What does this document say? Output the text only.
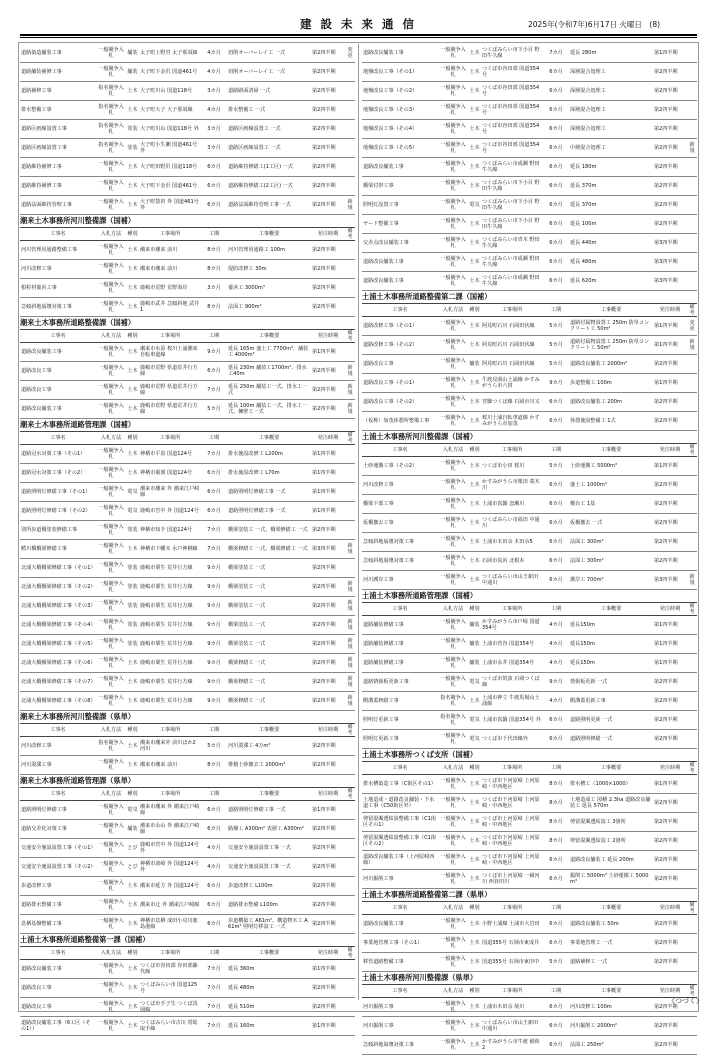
建設未来通信	2025年(令和7年)6月17日 火曜日　 (8)
道路築造舗装工事	一般競争入札	舗装	太子町上野宮 太子那須線	4カ月	切削オーバーレイ工 一式	第2四半期	変更
道路舗装補修工事	一般競争入札	舗装	大子町下金沢 国道461号	4カ月	切削オーバーレイ工 一式	第2四半期	
道路補修工事	指名競争入札	土木	大子町川山 国道118号	3カ月	道路路面清掃 一式	第2四半期	
排水整備工事	指名競争入札	土木	大子町大子 大子那須線	4カ月	排水整備工 一式	第2四半期	
道路区画線設置工事	指名競争入札	塗装	大子町川山 国道118号 外	3カ月	道路区画線設置工 一式	第2四半期	
道路区画線設置工事	指名競争入札	塗装	大子町小生瀬 国道461号 外	3カ月	道路区画線設置工 一式	第2四半期	
道路維持補修工事	一般競争入札	土木	大子町田野沢 国道118号	6カ月	道路維持修繕工(1工区) 一式	第2四半期	
道路維持補修工事	一般競争入札	土木	大子町下金沢 国道461号	6カ月	道路維持修繕工(2工区) 一式	第2四半期	
道路法面維持管理工事	一般競争入札	土木	大子町袋田 外 国道461号 外	6カ月	道路法面維持管理工事 一式	第2四半期	新規
潮来土木事務所河川整備課（国補）
工事名	入札方法	種別	工事場所	工期	工事概要	発注時期	備考
河川管理用通路整備工事	一般競争入札	土木	潮来市潮来 前川	8カ月	河川管理用通路工 100m	第2四半期	
河川改修工事	一般競争入札	土木	潮来市潮来 前川	8カ月	堤防改修工 30m	第2四半期	
根粒材養浜工事	一般競争入札	土木	鹿嶋市荒野 荒野海岸	3カ月	養浜工 3000m³	第2四半期	
急傾斜地崩壊対策工事	一般競争入札	土木	鹿嶋市武井 急傾斜地 武井1	8カ月	法面工 900m²	第2四半期	
潮来土木事務所道路整備課（国補）
工事名	入札方法	種別	工事場所	工期	工事概要	発注時期	備考
道路改良舗装工事	一般競争入札	土木	潮来市水原 桜川土浦潮来自転車道線	9カ月	延長 165m 盛土工 7700m³、舗装工 4000m²	第1四半期	
道路改良工事	一般競争入札	土木	鹿嶋市荒野 県道荒井行方線	6カ月	延長 230m 舗装工1700m²、排水工40m	第2四半期	新規
道路改良工事	一般競争入札	土木	鹿嶋市荒野 県道荒井行方線	7カ月	延長 250m 舗装工一式、排水工一式	第2四半期	新規
道路改良舗装工事	一般競争入札	土木	鹿嶋市荒野 県道荒井行方線	5カ月	延長 100m 舗装工一式、排水工一式、擁壁工一式	第2四半期	新規
潮来土木事務所道路管理課（国補）
工事名	入札方法	種別	工事場所	工期	工事概要	発注時期	備考
道路冠水対策工事（その1）	一般競争入札	土木	神栖市平泉 国道124号	7カ月	排水施設改修工 L200m	第1四半期	
道路冠水対策工事（その2）	一般競争入札	土木	神栖市堀割 国道124号	6カ月	排水施設改修工 L70m	第1四半期	
道路照明灯修繕工事（その1）	一般競争入札	電気	潮来市潮来 外 潮来江戸崎線	6カ月	道路照明灯修繕工事 一式	第1四半期	
道路照明灯修繕工事（その2）	一般競争入札	電気	鹿嶋市宮中 外 国道124号	6カ月	道路照明灯修繕工事 一式	第1四半期	
別所歩道橋塗装修繕工事	一般競争入札	塗装	神栖市知手 国道124号	7カ月	橋梁塗装工 一式、橋梁修繕工 一式	第2四半期	
鰐川橋橋梁修繕工事	一般競争入札	土木	神栖市下幡木 水戸神栖線	7カ月	橋梁修繕工 一式、橋梁修繕工 一式	第3四半期	新規
北浦大橋橋梁修繕工事（その1）	一般競争入札	塗装	鹿嶋市粟生 荒井行方線	9カ月	橋梁塗装工 一式	第2四半期	
北浦大橋橋梁修繕工事（その2）	一般競争入札	塗装	鹿嶋市粟生 荒井行方線	9カ月	橋梁塗装工 一式	第2四半期	新規
北浦大橋橋梁修繕工事（その3）	一般競争入札	塗装	鹿嶋市粟生 荒井行方線	9カ月	橋梁塗装工 一式	第2四半期	新規
北浦大橋橋梁修繕工事（その4）	一般競争入札	塗装	鹿嶋市粟生 荒井行方線	9カ月	橋梁塗装工 一式	第2四半期	新規
北浦大橋橋梁修繕工事（その5）	一般競争入札	塗装	鹿嶋市粟生 荒井行方線	9カ月	橋梁塗装工 一式	第2四半期	新規
北浦大橋橋梁修繕工事（その6）	一般競争入札	土木	鹿嶋市粟生 荒井行方線	9カ月	橋梁修繕工 一式	第2四半期	新規
北浦大橋橋梁修繕工事（その7）	一般競争入札	土木	鹿嶋市粟生 荒井行方線	9カ月	橋梁修繕工 一式	第2四半期	新規
北浦大橋橋梁修繕工事（その8）	一般競争入札	土木	鹿嶋市粟生 荒井行方線	9カ月	橋梁修繕工 一式	第2四半期	新規
潮来土木事務所河川整備課（県単）
工事名	入札方法	種別	工事場所	工期	工事概要	発注時期	備考
河川改修工事	指名競争入札	土木	潮来市潮来外 前川ほか2河川	5カ月	河川浚渫工 4万m³	第2四半期	
河川浚渫工事	一般競争入札	土木	潮来市潮来 前川	8カ月	堆積土砂撤去工 2000m³	第2四半期	
潮来土木事務所道路管理課（県単）
工事名	入札方法	種別	工事場所	工期	工事概要	発注時期	備考
道路照明灯修繕工事	一般競争入札	電気	潮来市潮来 外 潮来江戸崎線	6カ月	道路照明灯修繕工事 一式	第1四半期	
道路交差化対策工事	一般競争入札	舗装	潮来市永山 外 潮来江戸崎線	6カ月	路盤工 A300m² 表層工 A300m²	第2四半期	
交通安全施設設置工事（その1）	一般競争入札	とび	鹿嶋市宮中 外 国道124号 外	4カ月	交通安全施設設置工事 一式	第2四半期	
交通安全施設設置工事（その2）	一般競争入札	とび	神栖市波崎 外 国道124号 外	4カ月	交通安全施設設置工事 一式	第2四半期	
歩道改修工事	一般競争入札	土木	潮来市延方 外 国道124号	6カ月	歩道改修工 L100m	第2四半期	
道路排水整備工事	一般競争入札	土木	潮来市辻 外 潮来江戸崎線	6カ月	道路排水整備 L100m	第2四半期	
息栖基盤整備工事	一般競争入札	土木	神栖市息栖 成田小見川鹿島港線	6カ月	歩道構築工 A61m²、構造物木工 A61m² 照明灯移設工 一式	第2四半期	
土浦土木事務所道路整備第一課（国補）
工事名	入札方法	種別	工事場所	工期	工事概要	発注時期	備考
道路改良舗装工事	一般競争入札	土木	つくば市谷田部 谷田部藤代線	7カ月	延長 360m	第1四半期	
道路改良工事	一般競争入札	土木	つくばみらい市 国道125号	7カ月	延長 480m	第2四半期	
道路改良工事	一般競争入札	土木	つくば市手子生 つくば真岡線	7カ月	延長 510m	第2四半期	
道路改良舗装工事（6工区（その1））	一般競争入札	土木	つくばみらい市古川 常総取手線	7カ月	延長 160m	第1四半期	
道路改良舗装工事	一般競争入札	土木	つくばみらい市下小目 野田牛久線	7カ月	延長 280m	第1四半期	
地盤改良工事（その1）	一般競争入札	土木	つくば市谷田部 国道354号	6カ月	深層混合処理工	第2四半期	
地盤改良工事（その2）	一般競争入札	土木	つくば市谷田部 国道354号	6カ月	深層混合処理工	第2四半期	
地盤改良工事（その3）	一般競争入札	土木	つくば市谷田部 国道354号	6カ月	深層混合処理工	第2四半期	
地盤改良工事（その4）	一般競争入札	土木	つくば市谷田部 国道354号	6カ月	深層混合処理工	第2四半期	
地盤改良工事（その5）	一般競争入札	土木	つくば市谷田部 国道354号	6カ月	中層混合処理工	第2四半期	新規
道路改良舗装工事	一般競争入札	土木	つくばみらい市成瀬 野田牛久線	6カ月	延長 180m	第2四半期	
橋梁付帯工事	一般競争入札	土木	つくばみらい市下小目 野田牛久線	6カ月	延長 370m	第2四半期	
照明灯設置工事	一般競争入札	電気	つくばみらい市下小目 野田牛久線	6カ月	延長 370m	第2四半期	
ヤード整備工事	一般競争入札	土木	つくばみらい市下小目 野田牛久線	6カ月	延長 100m	第2四半期	
交差点改良舗装工事	一般競争入札	土木	つくばみらい市青木 野田牛久線	6カ月	延長 440m	第3四半期	
道路改良舗装工事	一般競争入札	土木	つくばみらい市成瀬 野田牛久線	6カ月	延長 480m	第3四半期	
道路改良舗装工事	一般競争入札	土木	つくばみらい市成瀬 野田牛久線	6カ月	延長 620m	第3四半期	
土浦土木事務所道路整備第二課（国補）
工事名	入札方法	種別	工事場所	工期	工事概要	発注時期	備考
道路改修工事（その1）	一般競争入札	土木	阿見町石川 石岡田伏線	5カ月	道路付属物設置工 250m 防草コンクリート工 50m²	第1四半期	変更
道路改修工事（その2）	一般競争入札	土木	阿見町石川 石岡田伏線	5カ月	道路付属物設置工 250m 防草コンクリート工 50m²	第1四半期	新規
道路改良工事	一般競争入札	舗装	阿見町石川 石岡田伏線	5カ月	道路改良舗装工 2000m²	第2四半期	
道路改良工事（その1）	一般競争入札	土木	牛渡見湯山土浦線 かすみがうら市六貫	9カ月	歩道整備工 100m	第1四半期	
道路改良工事（その2）	一般競争入札	土木	宮脚つくば線 石岡市川又	6カ月	道路改良舗装工 200m	第2四半期	
（仮称）加茂休憩所整備工事	一般競争入札	土木	桜川土浦自転車道線 かすみがうら市加茂	6カ月	休憩施設整備工 1式	第2四半期	
土浦土木事務所河川整備課（国補）
工事名	入札方法	種別	工事場所	工期	工事概要	発注時期	備考
土砂運搬工事（その2）	一般競争入札	土木	つくば市小田 桜川	5カ月	土砂運搬工 5000m³	第1四半期	
河川改修工事	一般競争入札	土木	かすみがうら市栗田 菱木川	6カ月	盛土工 1000m³	第2四半期	
橋梁下部工事	一般競争入札	土木	土浦市真鍋 恋瀬川	6カ月	橋台工 1基	第2四半期	
仮橋撤去工事	一般競争入札	土木	つくばみらい市福田 中通川	6カ月	仮橋撤去 一式	第2四半期	
急傾斜地崩壊対策工事	一般競争入札	土木	土浦市木田余 木田余5	6カ月	法面工 300m²	第2四半期	
急傾斜地崩壊対策工事	一般競争入札	土木	石岡市真浜 北根本	6カ月	法面工 300m²	第2四半期	
河川護岸工事	一般競争入札	土木	つくばみらい市山王新田 中通川	6カ月	護岸工 700m²	第3四半期	新規
土浦土木事務所道路管理課（国補）
工事名	入札方法	種別	工事場所	工期	工事概要	発注時期	備考
道路舗装修繕工事	一般競争入札	舗装	かすみがうら市戸崎 国道354号	4カ月	延長150m	第1四半期	
道路舗装修繕工事	一般競争入札	舗装	土浦市菅谷 国道354号	4カ月	延長150m	第1四半期	
道路舗装修繕工事	一般競争入札	舗装	土浦市永井 国道354号	4カ月	延長150m	第1四半期	
道路情報板更新工事	一般競争入札	電気	つくば市筑波 石岡つくば線	9カ月	情報板更新 一式	第2四半期	
側溝蓋修繕工事	指名競争入札	土木	土浦市神立 牛渡馬場山土浦線	4カ月	側溝蓋更新工事	第2四半期	
照明灯更新工事	指名競争入札	電気	土浦市真鍋 国道354号 外	6カ月	道路照明更新 一式	第2四半期	
照明灯更新工事	一般競争入札	電気	つくば市千代田線外	6カ月	道路照明修繕 一式	第2四半期	
土浦土木事務所つくば支所（国補）
工事名	入札方法	種別	工事場所	工期	工事概要	発注時期	備考
排水槽築造工事（C街区その1）	一般競争入札	土木	つくば市下河原崎 上河原崎・中西地区	8カ月	排水槽工（1000×1000）	第1四半期	
土地造成・道路改良舗装・下水道工事（C50街区外）	一般競争入札	土木	つくば市下河原崎 上河原崎・中西地区	8カ月	土地造成工 図積 2.3ha 道路改良舗装工 延長 570m	第2四半期	
剪留混濁透結設整備工事（C1街区その1）	一般競争入札	土木	つくば市上河原崎 上河原崎・中西地区	8カ月	剪留混濁透結設工 3箇所	第2四半期	
剪留混濁透結設整備工事（C1街区その2）	一般競争入札	土木	つくば市下河原崎 上河原崎・中西地区	8カ月	剪留混濁透結設工 2箇所	第2四半期	
道路改良舗装工事（上河原崎西線）	一般競争入札	土木	つくば市下河原崎 上河原崎・中西地区	6カ月	道路改良舗装工 延長 200m	第2四半期	
河川掘削工事	一般競争入札	土木	つくば市上河原崎 一級河川 西谷田川	6カ月	掘削工 5000m³ 土砂運搬工 5000m³	第2四半期	
土浦土木事務所道路整備第二課（県単）
工事名	入札方法	種別	工事場所	工期	工事概要	発注時期	備考
道路改良舗装工事	一般競争入札	土木	小野土浦線 土浦市大岩田	6カ月	道路改良舗装工 50m	第2四半期	
事業地管理工事（その1）	一般競争入札	土木	国道355号 石岡市東成井	6カ月	事業地管理工 一式	第2四半期	
移管道路整備工事	一般競争入札	土木	国道355号 石岡市東田中	5カ月	道路補修工 一式	第2四半期	
土浦土木事務所河川整備課（県単）
工事名	入札方法	種別	工事場所	工期	工事概要	発注時期	備考
河川掘削工事	一般競争入札	土木	土浦市木田余 境川	6カ月	河川改修工 100m	第2四半期	
河川掘削工事	一般競争入札	土木	つくばみらい市山王新田 中通川	6カ月	河川掘削工 2000m²	第2四半期	
急傾斜地崩壊対策工事	一般競争入札	土木	かすみがうら市牛渡 稲荷 2	6カ月	法面工 250m²	第2四半期	
《つづく》
